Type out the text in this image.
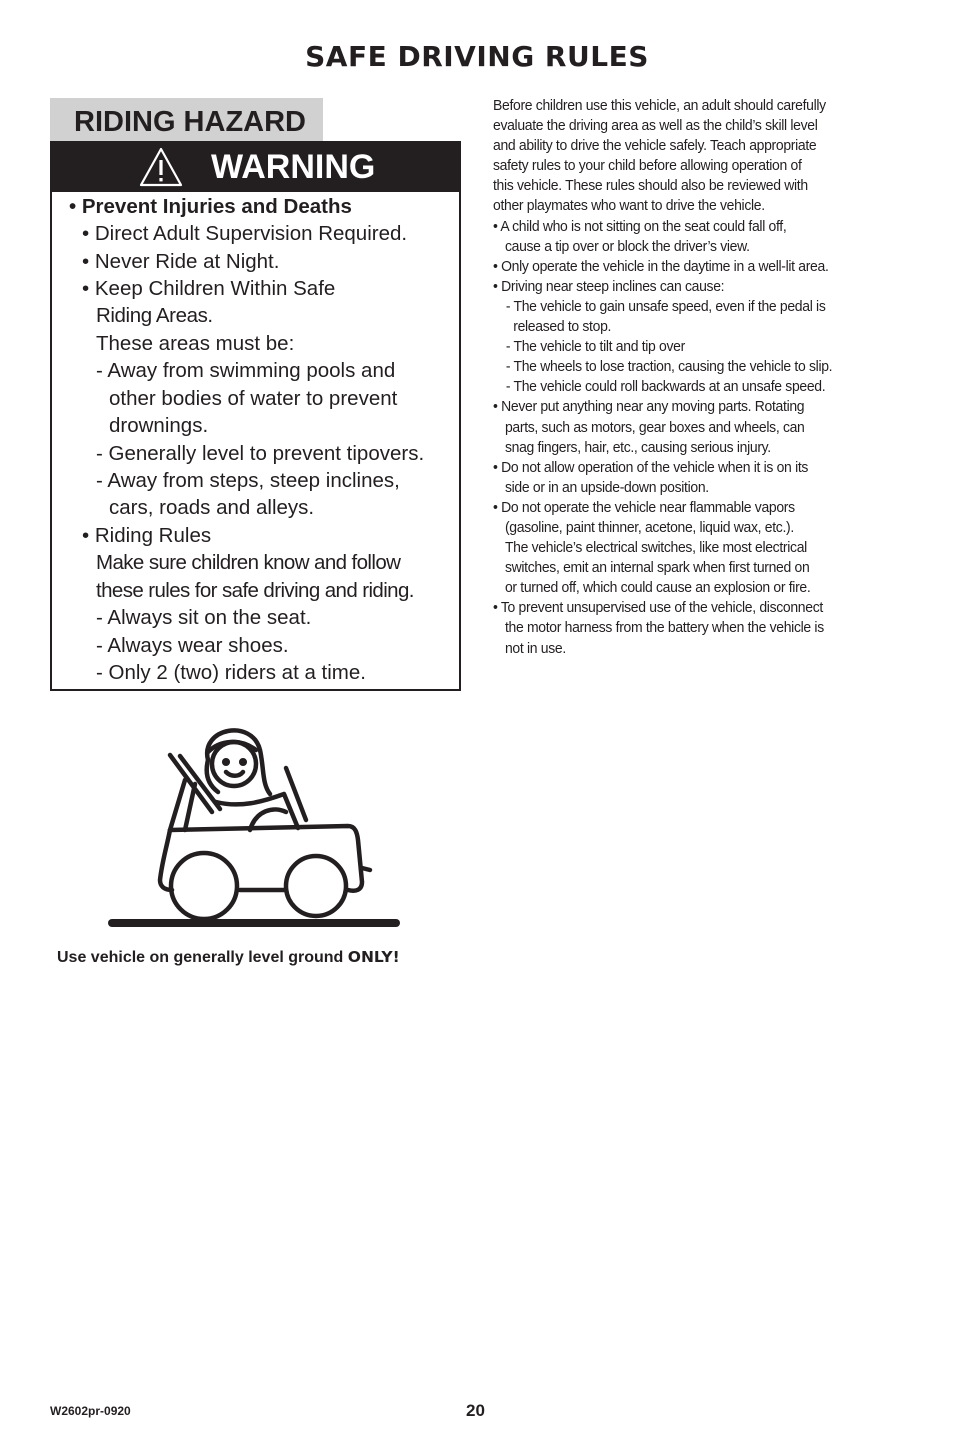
SAFE DRIVING RULES
RIDING HAZARD
WARNING
• Prevent Injuries and Deaths
• Direct Adult Supervision Required.
• Never Ride at Night.
• Keep Children Within Safe
Riding Areas.
These areas must be:
- Away from swimming pools and
other bodies of water to prevent
drownings.
- Generally level to prevent tipovers.
- Away from steps, steep inclines,
cars, roads and alleys.
• Riding Rules
Make sure children know and follow
these rules for safe driving and riding.
- Always sit on the seat.
- Always wear shoes.
- Only 2 (two) riders at a time.
Before children use this vehicle, an adult should carefully
evaluate the driving area as well as the child’s skill level
and ability to drive the vehicle safely. Teach appropriate
safety rules to your child before allowing operation of
this vehicle. These rules should also be reviewed with
other playmates who want to drive the vehicle.
• A child who is not sitting on the seat could fall off,
cause a tip over or block the driver’s view.
• Only operate the vehicle in the daytime in a well-lit area.
• Driving near steep inclines can cause:
- The vehicle to gain unsafe speed, even if the pedal is
released to stop.
- The vehicle to tilt and tip over
- The wheels to lose traction, causing the vehicle to slip.
- The vehicle could roll backwards at an unsafe speed.
• Never put anything near any moving parts. Rotating
parts, such as motors, gear boxes and wheels, can
snag fingers, hair, etc., causing serious injury.
• Do not allow operation of the vehicle when it is on its
side or in an upside-down position.
• Do not operate the vehicle near flammable vapors
(gasoline, paint thinner, acetone, liquid wax, etc.).
The vehicle’s electrical switches, like most electrical
switches, emit an internal spark when first turned on
or turned off, which could cause an explosion or fire.
• To prevent unsupervised use of the vehicle, disconnect
the motor harness from the battery when the vehicle is
not in use.
Use vehicle on generally level ground ONLY!
W2602pr-0920	20
